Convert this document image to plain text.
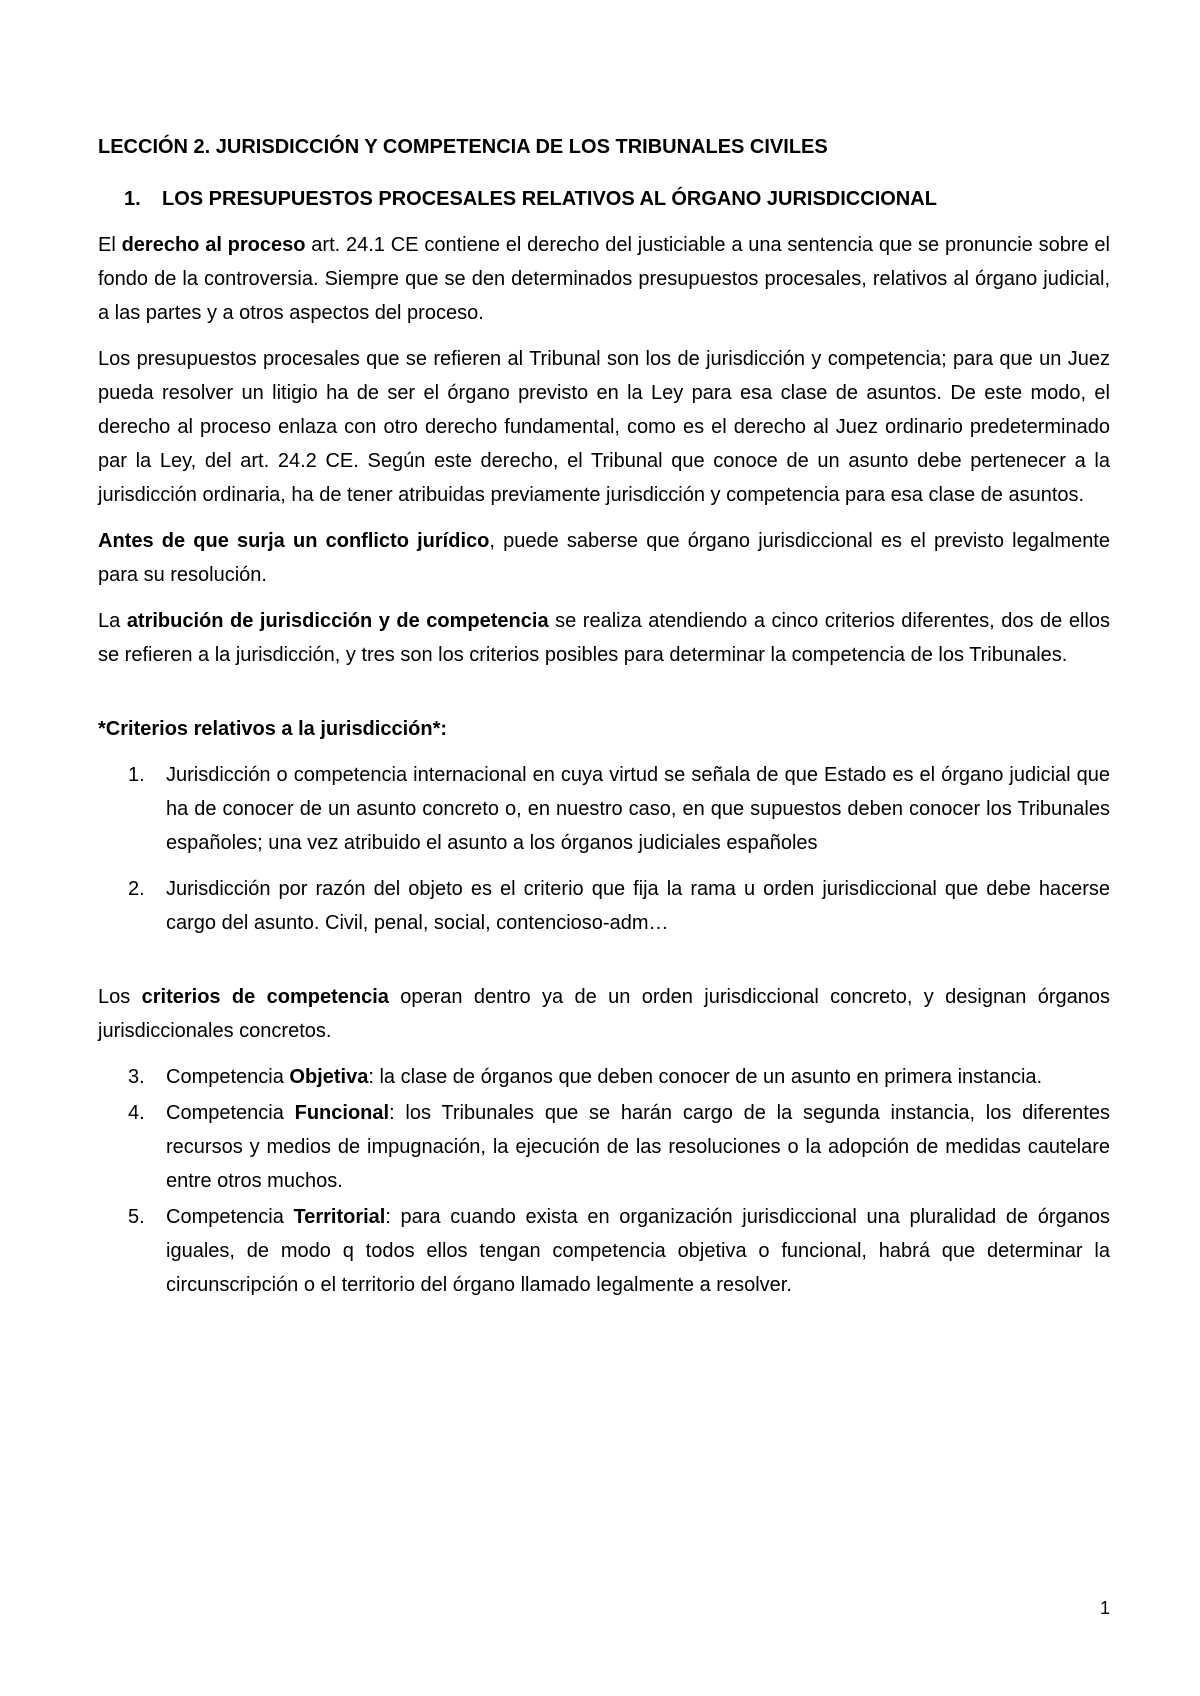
LECCIÓN 2. JURISDICCIÓN Y COMPETENCIA DE LOS TRIBUNALES CIVILES
1.	LOS PRESUPUESTOS PROCESALES RELATIVOS AL ÓRGANO JURISDICCIONAL

El derecho al proceso art. 24.1 CE contiene el derecho del justiciable a una sentencia que se pronuncie sobre el fondo de la controversia. Siempre que se den determinados presupuestos procesales, relativos al órgano judicial, a las partes y a otros aspectos del proceso.

Los presupuestos procesales que se refieren al Tribunal son los de jurisdicción y competencia; para que un Juez pueda resolver un litigio ha de ser el órgano previsto en la Ley para esa clase de asuntos. De este modo, el derecho al proceso enlaza con otro derecho fundamental, como es el derecho al Juez ordinario predeterminado par la Ley, del art. 24.2 CE. Según este derecho, el Tribunal que conoce de un asunto debe pertenecer a la jurisdicción ordinaria, ha de tener atribuidas previamente jurisdicción y competencia para esa clase de asuntos.

Antes de que surja un conflicto jurídico, puede saberse que órgano jurisdiccional es el previsto legalmente para su resolución.

La atribución de jurisdicción y de competencia se realiza atendiendo a cinco criterios diferentes, dos de ellos se refieren a la jurisdicción, y tres son los criterios posibles para determinar la competencia de los Tribunales.

*Criterios relativos a la jurisdicción*:

1.	Jurisdicción o competencia internacional en cuya virtud se señala de que Estado es el órgano judicial que ha de conocer de un asunto concreto o, en nuestro caso, en que supuestos deben conocer los Tribunales españoles; una vez atribuido el asunto a los órganos judiciales españoles
2.	Jurisdicción por razón del objeto es el criterio que fija la rama u orden jurisdiccional que debe hacerse cargo del asunto. Civil, penal, social, contencioso-adm…

Los criterios de competencia operan dentro ya de un orden jurisdiccional concreto, y designan órganos jurisdiccionales concretos.

3.	Competencia Objetiva: la clase de órganos que deben conocer de un asunto en primera instancia.
4.	Competencia Funcional: los Tribunales que se harán cargo de la segunda instancia, los diferentes recursos y medios de impugnación, la ejecución de las resoluciones o la adopción de medidas cautelare entre otros muchos.
5.	Competencia Territorial: para cuando exista en organización jurisdiccional una pluralidad de órganos iguales, de modo q todos ellos tengan competencia objetiva o funcional, habrá que determinar la circunscripción o el territorio del órgano llamado legalmente a resolver.
1
